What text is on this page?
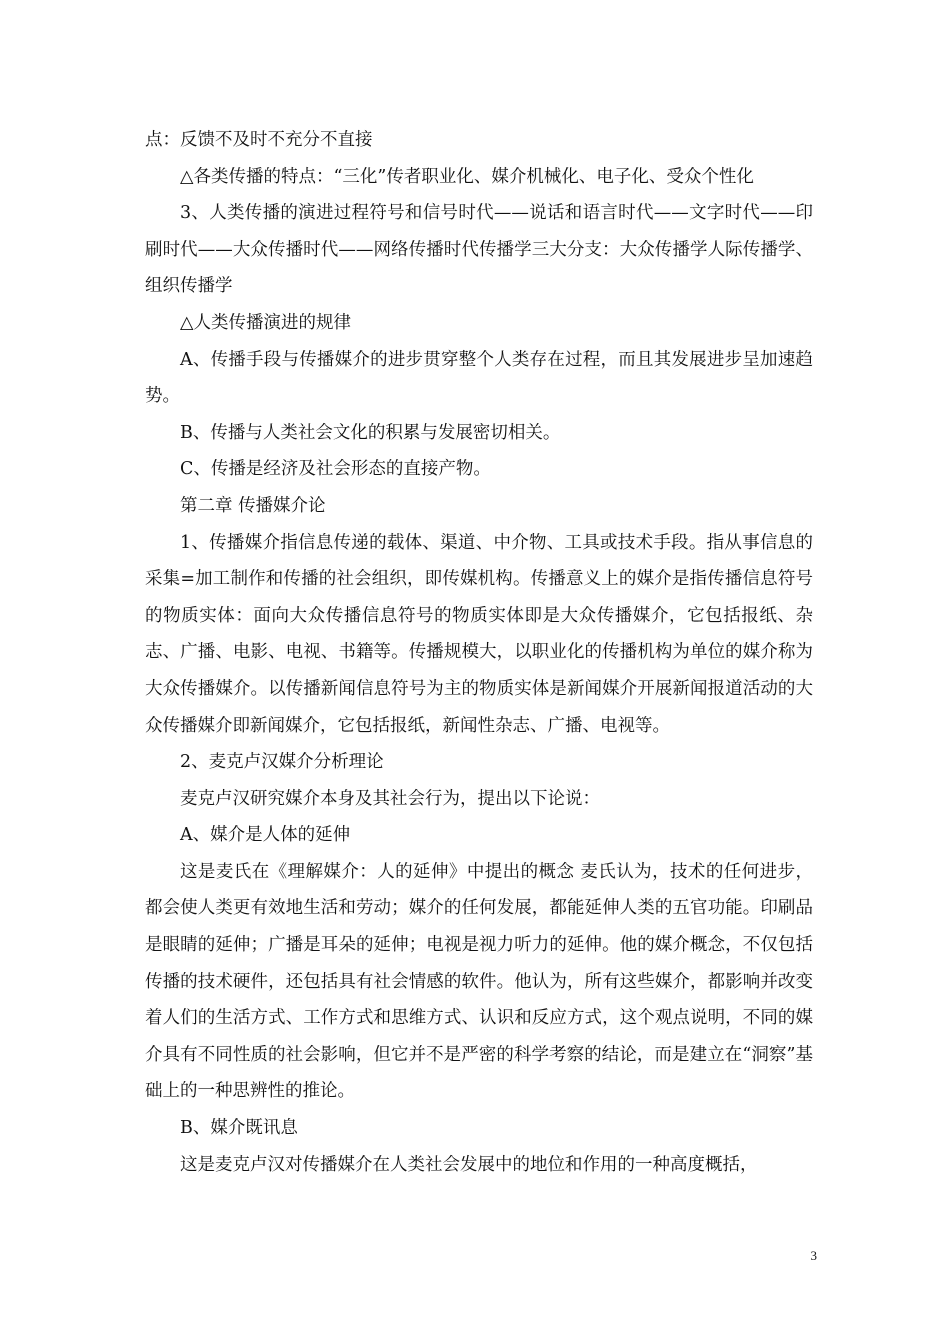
点：反馈不及时不充分不直接

△各类传播的特点：“三化”传者职业化、媒介机械化、电子化、受众个性化

3、人类传播的演进过程符号和信号时代——说话和语言时代——文字时代——印刷时代——大众传播时代——网络传播时代传播学三大分支：大众传播学人际传播学、组织传播学

△人类传播演进的规律

A、传播手段与传播媒介的进步贯穿整个人类存在过程，而且其发展进步呈加速趋势。

B、传播与人类社会文化的积累与发展密切相关。

C、传播是经济及社会形态的直接产物。

第二章 传播媒介论

1、传播媒介指信息传递的载体、渠道、中介物、工具或技术手段。指从事信息的采集=加工制作和传播的社会组织，即传媒机构。传播意义上的媒介是指传播信息符号的物质实体：面向大众传播信息符号的物质实体即是大众传播媒介，它包括报纸、杂志、广播、电影、电视、书籍等。传播规模大，以职业化的传播机构为单位的媒介称为大众传播媒介。以传播新闻信息符号为主的物质实体是新闻媒介开展新闻报道活动的大众传播媒介即新闻媒介，它包括报纸，新闻性杂志、广播、电视等。

2、麦克卢汉媒介分析理论

麦克卢汉研究媒介本身及其社会行为，提出以下论说：

A、媒介是人体的延伸

这是麦氏在《理解媒介：人的延伸》中提出的概念 麦氏认为，技术的任何进步，都会使人类更有效地生活和劳动；媒介的任何发展，都能延伸人类的五官功能。印刷品是眼睛的延伸；广播是耳朵的延伸；电视是视力听力的延伸。他的媒介概念，不仅包括传播的技术硬件，还包括具有社会情感的软件。他认为，所有这些媒介，都影响并改变着人们的生活方式、工作方式和思维方式、认识和反应方式，这个观点说明，不同的媒介具有不同性质的社会影响，但它并不是严密的科学考察的结论，而是建立在“洞察”基础上的一种思辨性的推论。

B、媒介既讯息

这是麦克卢汉对传播媒介在人类社会发展中的地位和作用的一种高度概括，

3
